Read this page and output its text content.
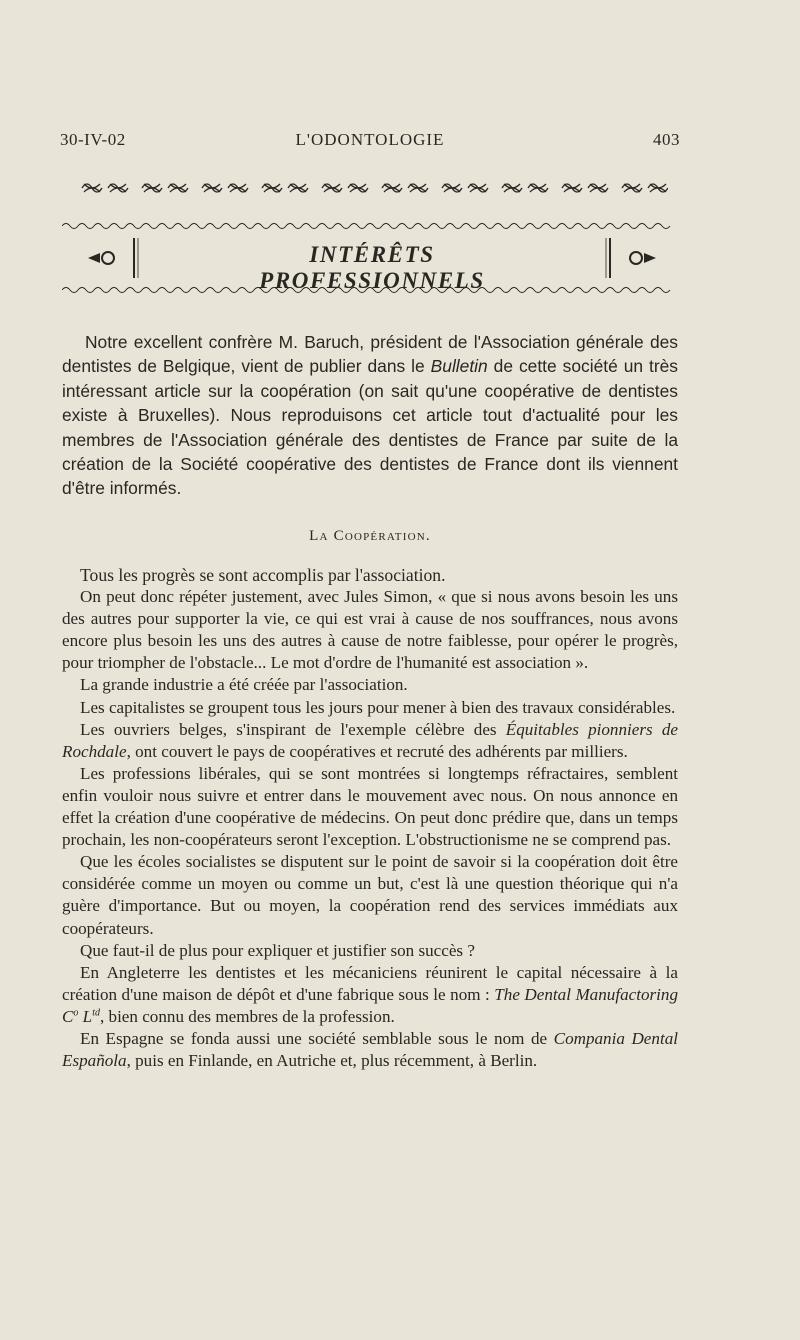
30-IV-02	L'ODONTOLOGIE	403
INTÉRÊTS PROFESSIONNELS

Notre excellent confrère M. Baruch, président de l'Association générale des dentistes de Belgique, vient de publier dans le Bulletin de cette société un très intéressant article sur la coopération (on sait qu'une coopérative de dentistes existe à Bruxelles). Nous reproduisons cet article tout d'actualité pour les membres de l'Association générale des dentistes de France par suite de la création de la Société coopérative des dentistes de France dont ils viennent d'être informés.

La Coopération.

Tous les progrès se sont accomplis par l'association.

On peut donc répéter justement, avec Jules Simon, « que si nous avons besoin les uns des autres pour supporter la vie, ce qui est vrai à cause de nos souffrances, nous avons encore plus besoin les uns des autres à cause de notre faiblesse, pour opérer le progrès, pour triompher de l'obstacle... Le mot d'ordre de l'humanité est association ».

La grande industrie a été créée par l'association.

Les capitalistes se groupent tous les jours pour mener à bien des travaux considérables.

Les ouvriers belges, s'inspirant de l'exemple célèbre des Équitables pionniers de Rochdale, ont couvert le pays de coopératives et recruté des adhérents par milliers.

Les professions libérales, qui se sont montrées si longtemps réfractaires, semblent enfin vouloir nous suivre et entrer dans le mouvement avec nous. On nous annonce en effet la création d'une coopérative de médecins. On peut donc prédire que, dans un temps prochain, les non-coopérateurs seront l'exception. L'obstructionisme ne se comprend pas.

Que les écoles socialistes se disputent sur le point de savoir si la coopération doit être considérée comme un moyen ou comme un but, c'est là une question théorique qui n'a guère d'importance. But ou moyen, la coopération rend des services immédiats aux coopérateurs.

Que faut-il de plus pour expliquer et justifier son succès ?

En Angleterre les dentistes et les mécaniciens réunirent le capital nécessaire à la création d'une maison de dépôt et d'une fabrique sous le nom : The Dental Manufactoring $C^o$ $L^{td}$, bien connu des membres de la profession.

En Espagne se fonda aussi une société semblable sous le nom de Compania Dental Española, puis en Finlande, en Autriche et, plus récemment, à Berlin.
